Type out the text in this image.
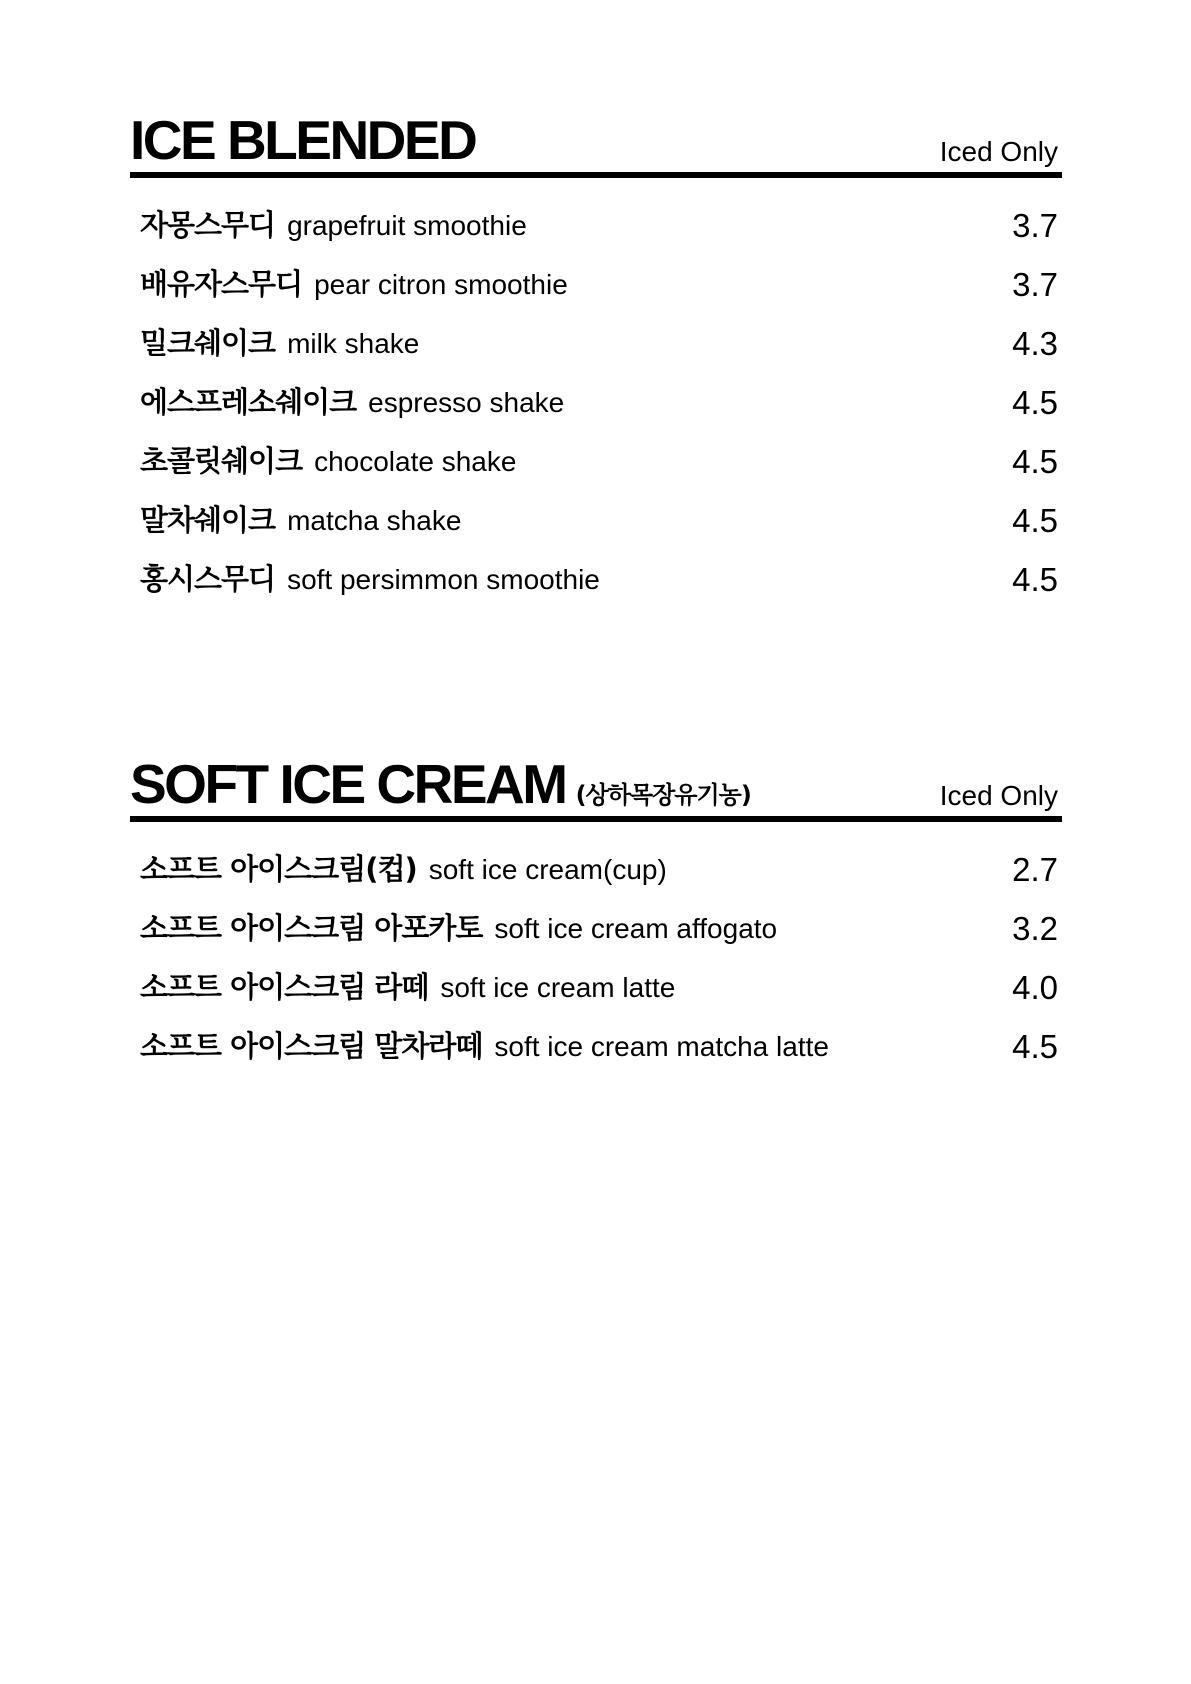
ICE BLENDED	Iced Only
자몽스무디 grapefruit smoothie	3.7
배유자스무디 pear citron smoothie	3.7
밀크쉐이크 milk shake	4.3
에스프레소쉐이크 espresso shake	4.5
초콜릿쉐이크 chocolate shake	4.5
말차쉐이크 matcha shake	4.5
홍시스무디 soft persimmon smoothie	4.5
SOFT ICE CREAM (상하목장유기농)	Iced Only
소프트 아이스크림(컵) soft ice cream(cup)	2.7
소프트 아이스크림 아포카토 soft ice cream affogato	3.2
소프트 아이스크림 라떼 soft ice cream latte	4.0
소프트 아이스크림 말차라떼 soft ice cream matcha latte	4.5
